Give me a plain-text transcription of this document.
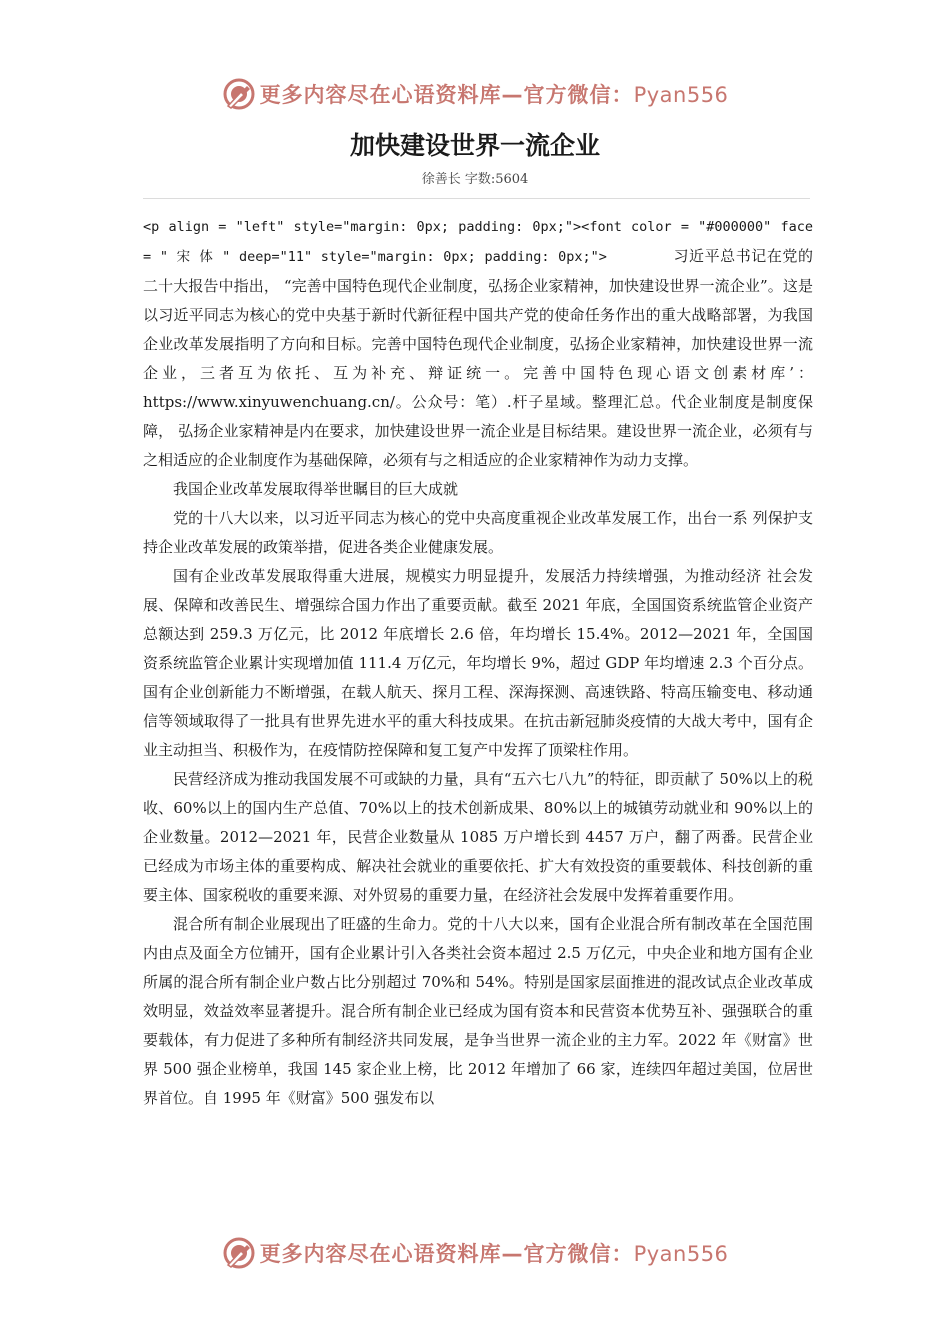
更多内容尽在心语资料库—官方微信：Pyan556
加快建设世界一流企业
徐善长 字数:5604

<p align = "left" style="margin: 0px; padding: 0px;"><font color = "#000000" face = " 宋 体 " deep="11" style="margin: 0px; padding: 0px;">	习近平总书记在党的二十大报告中指出， “完善中国特色现代企业制度，弘扬企业家精神，加快建设世界一流企业”。这是以习近平同志为核心的党中央基于新时代新征程中国共产党的使命任务作出的重大战略部署，为我国企业改革发展指明了方向和目标。完善中国特色现代企业制度，弘扬企业家精神，加快建设世界一流企业，三者互为依托、互为补充、辩证统一。完善中国特色现心语文创素材库’：https://www.xinyuwenchuang.cn/。公众号：笔）.杆子星域。整理汇总。代企业制度是制度保障， 弘扬企业家精神是内在要求，加快建设世界一流企业是目标结果。建设世界一流企业，必须有与之相适应的企业制度作为基础保障，必须有与之相适应的企业家精神作为动力支撑。

我国企业改革发展取得举世瞩目的巨大成就

党的十八大以来，以习近平同志为核心的党中央高度重视企业改革发展工作，出台一系 列保护支持企业改革发展的政策举措，促进各类企业健康发展。

国有企业改革发展取得重大进展，规模实力明显提升，发展活力持续增强，为推动经济 社会发展、保障和改善民生、增强综合国力作出了重要贡献。截至 2021 年底，全国国资系统监管企业资产总额达到 259.3 万亿元，比 2012 年底增长 2.6 倍，年均增长 15.4%。2012—2021 年，全国国资系统监管企业累计实现增加值 111.4 万亿元，年均增长 9%，超过 GDP 年均增速 2.3 个百分点。国有企业创新能力不断增强，在载人航天、探月工程、深海探测、高速铁路、特高压输变电、移动通信等领域取得了一批具有世界先进水平的重大科技成果。在抗击新冠肺炎疫情的大战大考中，国有企业主动担当、积极作为，在疫情防控保障和复工复产中发挥了顶梁柱作用。

民营经济成为推动我国发展不可或缺的力量，具有“五六七八九”的特征，即贡献了 50%以上的税收、60%以上的国内生产总值、70%以上的技术创新成果、80%以上的城镇劳动就业和 90%以上的企业数量。2012—2021 年，民营企业数量从 1085 万户增长到 4457 万户，翻了两番。民营企业已经成为市场主体的重要构成、解决社会就业的重要依托、扩大有效投资的重要载体、科技创新的重要主体、国家税收的重要来源、对外贸易的重要力量，在经济社会发展中发挥着重要作用。

混合所有制企业展现出了旺盛的生命力。党的十八大以来，国有企业混合所有制改革在全国范围内由点及面全方位铺开，国有企业累计引入各类社会资本超过 2.5 万亿元，中央企业和地方国有企业所属的混合所有制企业户数占比分别超过 70%和 54%。特别是国家层面推进的混改试点企业改革成效明显，效益效率显著提升。混合所有制企业已经成为国有资本和民营资本优势互补、强强联合的重要载体，有力促进了多种所有制经济共同发展，是争当世界一流企业的主力军。2022 年《财富》世界 500 强企业榜单，我国 145 家企业上榜，比 2012 年增加了 66 家，连续四年超过美国，位居世界首位。自 1995 年《财富》500 强发布以

更多内容尽在心语资料库—官方微信：Pyan556
